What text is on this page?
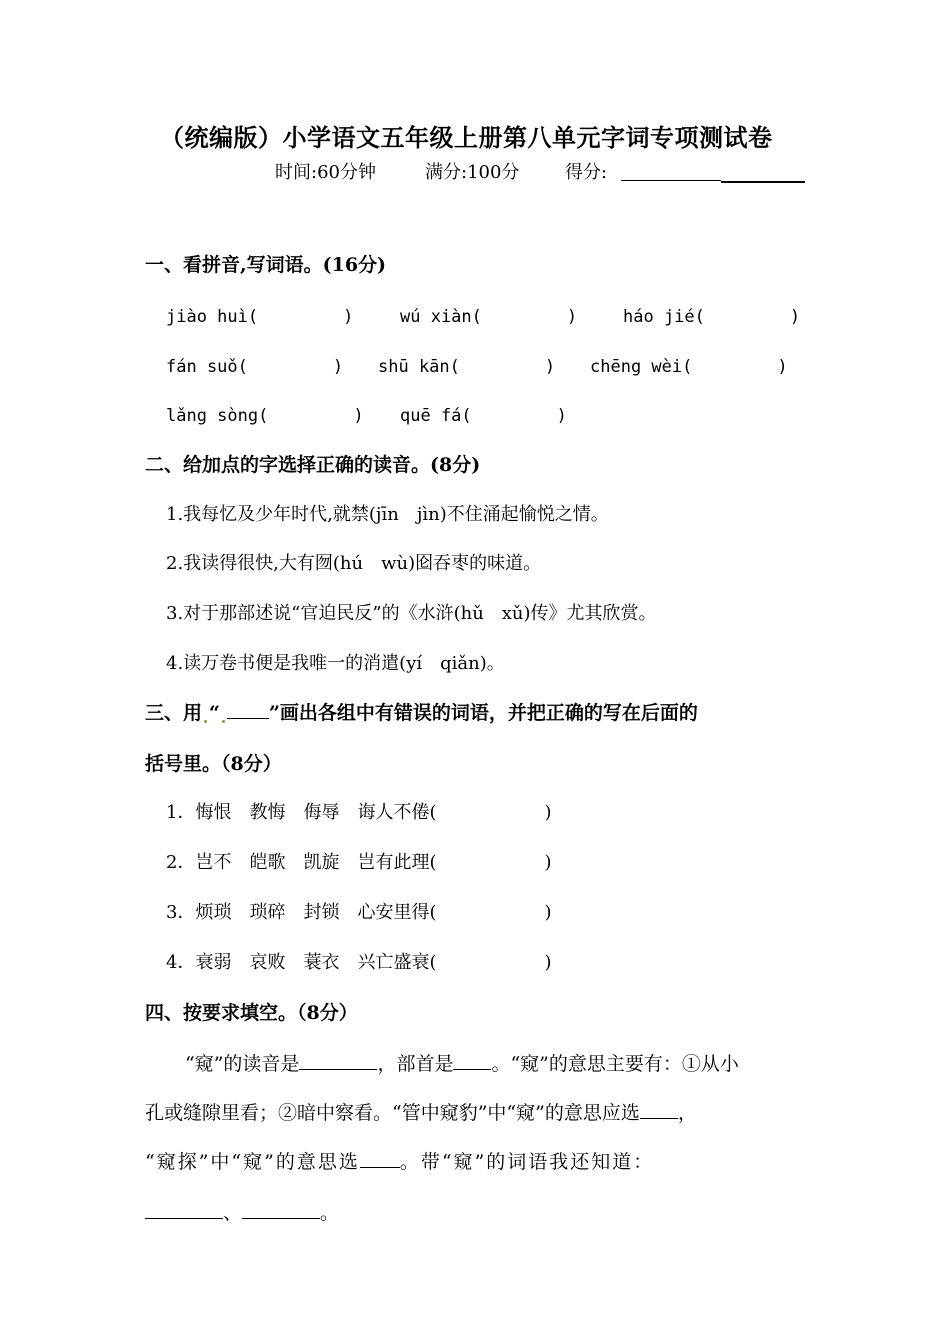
（统编版）小学语文五年级上册第八单元字词专项测试卷
时间:60分钟	满分:100分	得分:
一、看拼音,写词语。(16分)
jiào huì(　　　　　)	wú xiàn(　　　　　)	háo jié(　　　　　)
fán suǒ(　　　　　) shū kān(　　　　　) chēng wèi(　　　　　)
lǎng sòng(　　　　　) quē fá(　　　　　)
二、给加点的字选择正确的读音。(8分)
1.我每忆及少年时代,就禁(jīn　jìn)不住涌起愉悦之情。
2.我读得很快,大有囫(hú　wù)囵吞枣的味道。
3.对于那部述说“官迫民反”的《水浒(hǔ　xǔ)传》尤其欣赏。
4.读万卷书便是我唯一的消遣(yí　qiǎn)。
三、用 “	”画出各组中有错误的词语，并把正确的写在后面的
括号里。（8分）
1．悔恨　教悔　侮辱　诲人不倦(　　　　　　)
2．岂不　皑歌　凯旋　岂有此理(　　　　　　)
3．烦琐　琐碎　封锁　心安里得(　　　　　　)
4．衰弱　哀败　蓑衣　兴亡盛衰(　　　　　　)
四、按要求填空。（8分）
“窥”的读音是	，部首是 。“窥”的意思主要有：①从小
孔或缝隙里看；②暗中察看。“管中窥豹”中“窥”的意思应选 ，
“窥探”中“窥”的意思选 。带“窥”的词语我还知道：
、	。
